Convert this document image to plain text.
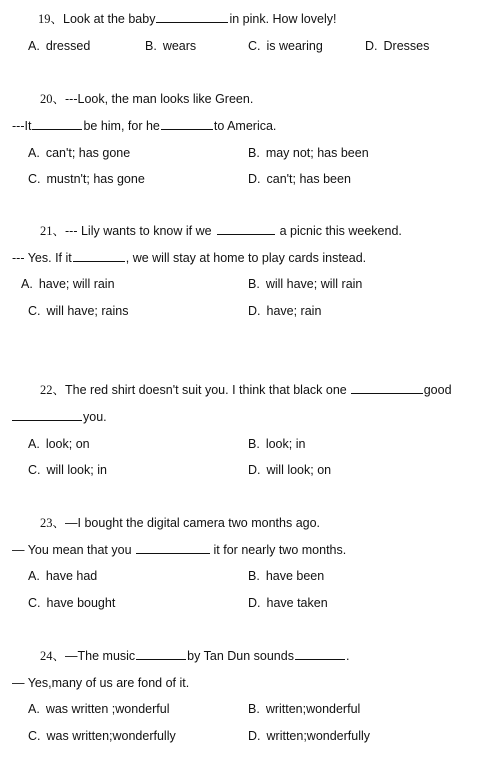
19、Look at the baby	in pink. How lovely!
A. dressed	B. wears	C. is wearing	D. Dresses
20、---Look, the man looks like Green.
---It	be him, for he	to America.
A. can't; has gone	B. may not; has been
C. mustn't; has gone	D. can't; has been
21、--- Lily wants to know if we	a picnic this weekend.
--- Yes. If it	, we will stay at home to play cards instead.
A. have; will rain	B. will have; will rain
C. will have; rains	D. have; rain
22、The red shirt doesn't suit you. I think that black one	good
you.
A. look; on	B. look; in
C. will look; in	D. will look; on
23、—I bought the digital camera two months ago.
— You mean that you	it for nearly two months.
A. have had	B. have been
C. have bought	D. have taken
24、—The music	by Tan Dun sounds	.
— Yes,many of us are fond of it.
A. was written ;wonderful	B. written;wonderful
C. was written;wonderfully	D. written;wonderfully
